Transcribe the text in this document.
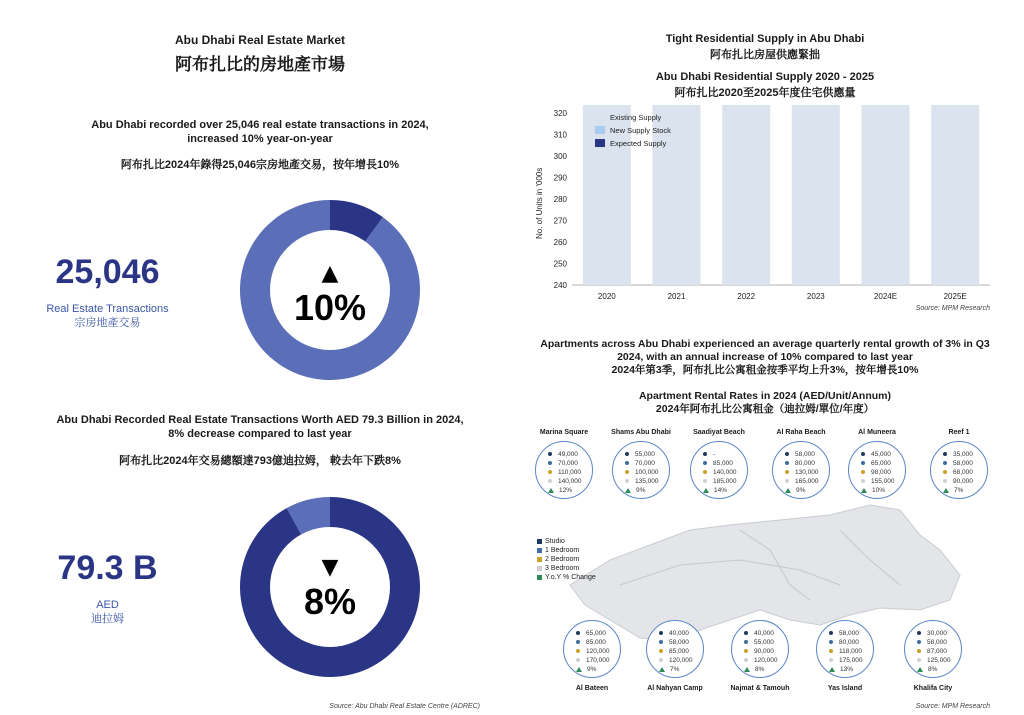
Abu Dhabi Real Estate Market
阿布扎比的房地產市場
Abu Dhabi recorded over 25,046 real estate transactions in 2024,
increased 10% year-on-year
阿布扎比2024年錄得25,046宗房地產交易，按年增長10%
25,046
Real Estate Transactions
宗房地產交易
▲
10%
Abu Dhabi Recorded Real Estate Transactions Worth AED 79.3 Billion in 2024,
8% decrease compared to last year
阿布扎比2024年交易總額達793億迪拉姆， 較去年下跌8%
79.3 B
AED
迪拉姆
▼
8%
Source: Abu Dhabi Real Estate Centre (ADREC)
Tight Residential Supply in Abu Dhabi
阿布扎比房屋供應緊拙
Abu Dhabi Residential Supply 2020 - 2025
阿布扎比2020至2025年度住宅供應量
240
250
260
270
280
290
300
310
320
2020	2021	2022	2023	2024E	2025E
Existing Supply
New Supply Stock
Expected Supply
No. of Units in '000s
Source: MPM Research
Apartments across Abu Dhabi experienced an average quarterly rental growth of 3% in Q3
2024, with an annual increase of 10% compared to last year
2024年第3季，阿布扎比公寓租金按季平均上升3%，按年增長10%
Apartment Rental Rates in 2024 (AED/Unit/Annum)
2024年阿布扎比公寓租金（迪拉姆/單位/年度）
Studio
1 Bedroom
2 Bedroom
3 Bedroom
Y.o.Y % Change
Marina Square
49,000
70,000
110,000
140,000
12%
Shams Abu Dhabi
55,000
70,000
100,000
135,000
9%
Saadiyat Beach
-
85,000
140,000
185,000
14%
Al Raha Beach
58,000
80,000
130,000
165,000
9%
Al Muneera
45,000
65,000
98,000
155,000
10%
Reef 1
35,000
58,000
68,000
90,000
7%
Al Bateen
65,000
85,000
120,000
170,000
9%
Al Nahyan Camp
40,000
58,000
85,000
120,000
7%
Najmat & Tamouh
40,000
55,000
90,000
120,000
8%
Yas Island
58,000
80,000
118,000
175,000
13%
Khalifa City
30,000
58,000
87,000
125,000
8%
Source: MPM Research
